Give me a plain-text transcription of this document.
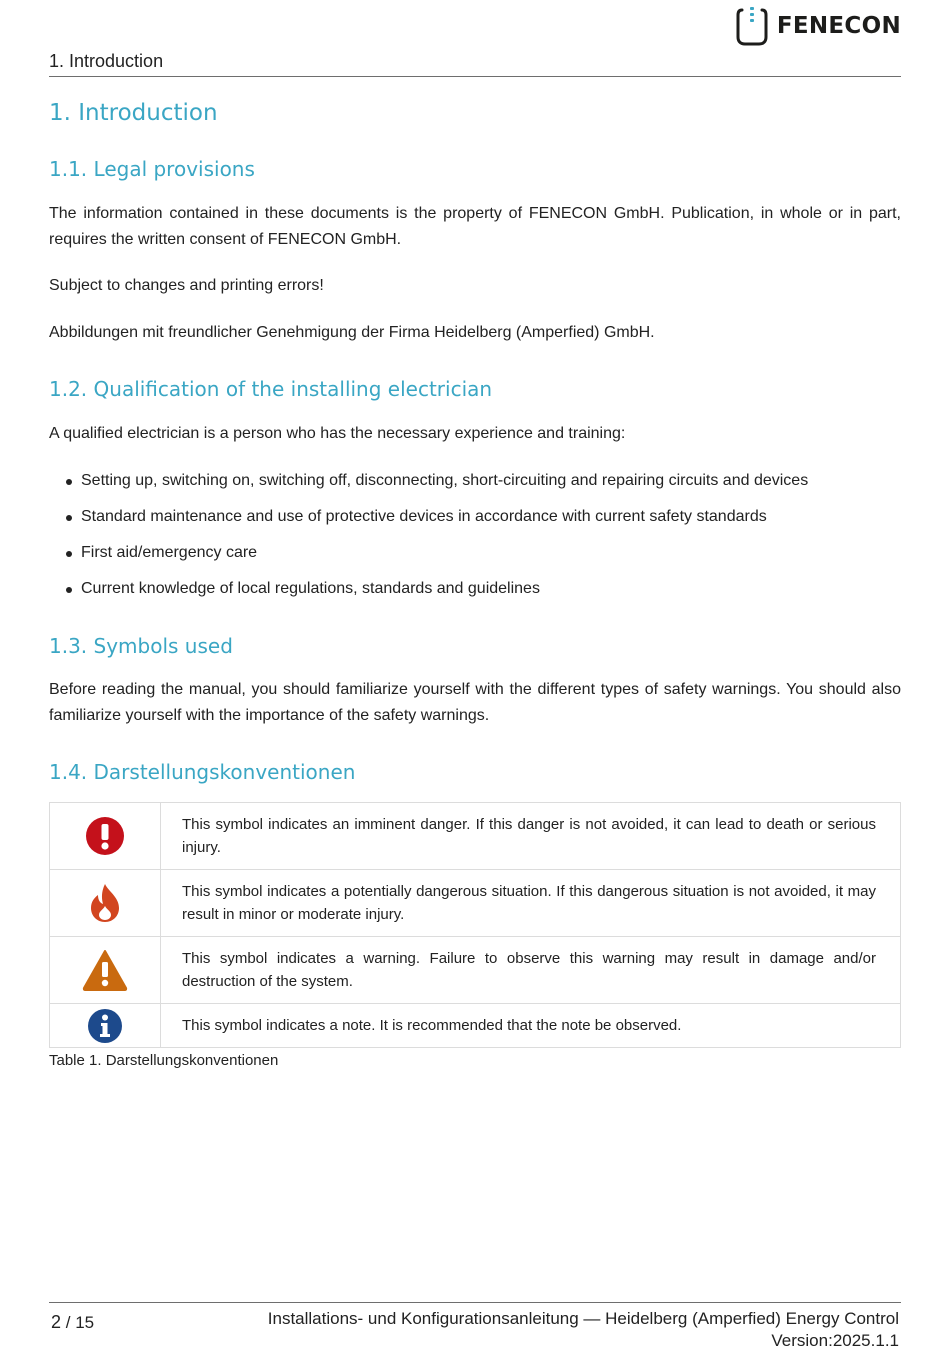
FENECON
1. Introduction
1. Introduction
1.1. Legal provisions

The information contained in these documents is the property of FENECON GmbH. Publication, in whole or in part, requires the written consent of FENECON GmbH.

Subject to changes and printing errors!

Abbildungen mit freundlicher Genehmigung der Firma Heidelberg (Amperfied) GmbH.

1.2. Qualification of the installing electrician

A qualified electrician is a person who has the necessary experience and training:

Setting up, switching on, switching off, disconnecting, short-circuiting and repairing circuits and devices
Standard maintenance and use of protective devices in accordance with current safety standards
First aid/emergency care
Current knowledge of local regulations, standards and guidelines
1.3. Symbols used

Before reading the manual, you should familiarize yourself with the different types of safety warnings. You should also familiarize yourself with the importance of the safety warnings.

1.4. Darstellungskonventionen
	This symbol indicates an imminent danger. If this danger is not avoided, it can lead to death or serious injury.

	This symbol indicates a potentially dangerous situation. If this dangerous situation is not avoided, it may result in minor or moderate injury.

	This symbol indicates a warning. Failure to observe this warning may result in damage and/or destruction of the system.

	This symbol indicates a note. It is recommended that the note be observed.
Table 1. Darstellungskonventionen
2 / 15	Installations- und Konfigurationsanleitung — Heidelberg (Amperfied) Energy Control
Version:2025.1.1
